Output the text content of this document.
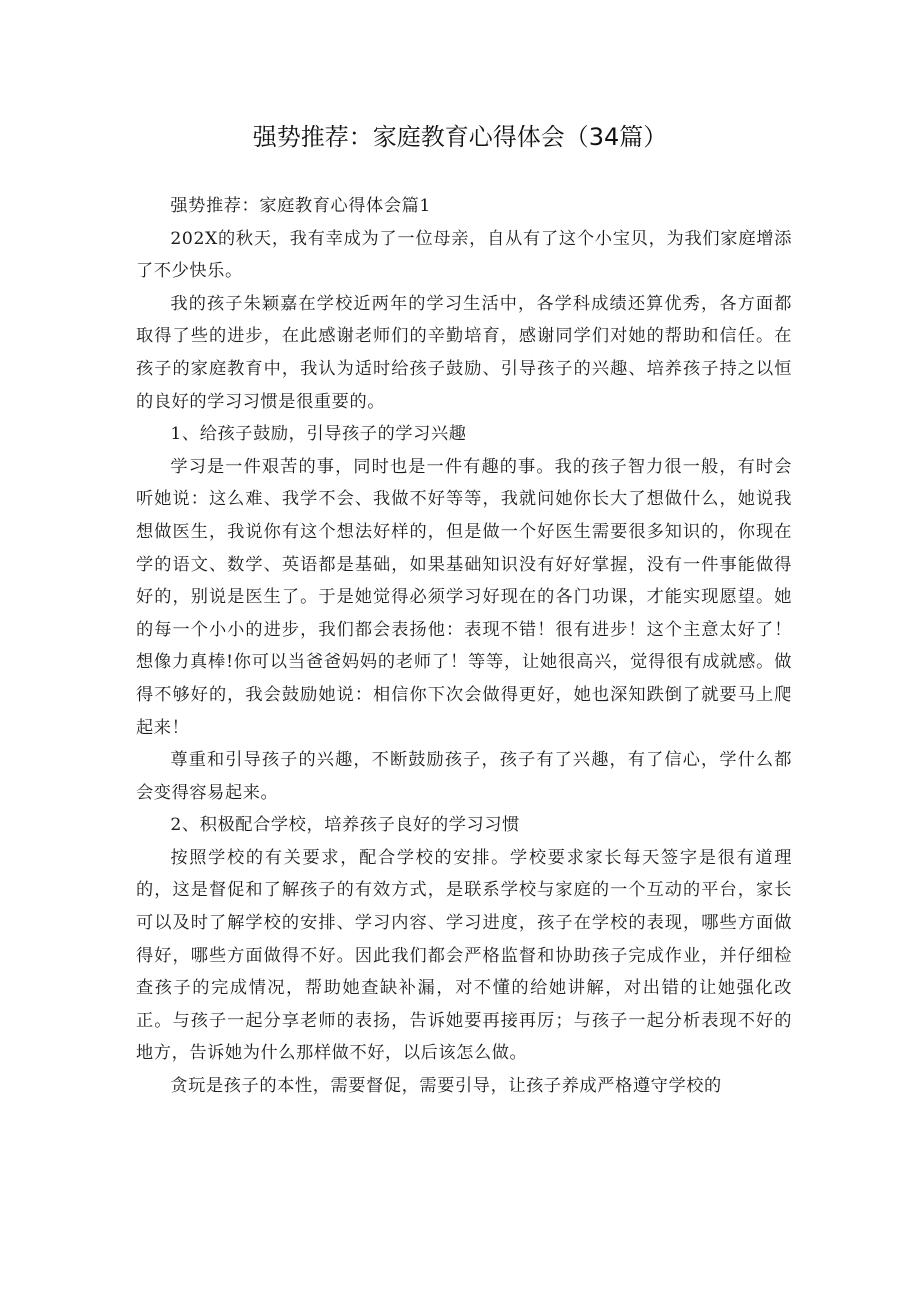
强势推荐：家庭教育心得体会（34篇）

强势推荐：家庭教育心得体会篇1

202X的秋天，我有幸成为了一位母亲，自从有了这个小宝贝，为我们家庭增添了不少快乐。

我的孩子朱颖嘉在学校近两年的学习生活中，各学科成绩还算优秀，各方面都取得了些的进步，在此感谢老师们的辛勤培育，感谢同学们对她的帮助和信任。在孩子的家庭教育中，我认为适时给孩子鼓励、引导孩子的兴趣、培养孩子持之以恒的良好的学习习惯是很重要的。

1、给孩子鼓励，引导孩子的学习兴趣

学习是一件艰苦的事，同时也是一件有趣的事。我的孩子智力很一般，有时会听她说：这么难、我学不会、我做不好等等，我就问她你长大了想做什么，她说我想做医生，我说你有这个想法好样的，但是做一个好医生需要很多知识的，你现在学的语文、数学、英语都是基础，如果基础知识没有好好掌握，没有一件事能做得好的，别说是医生了。于是她觉得必须学习好现在的各门功课，才能实现愿望。她的每一个小小的进步，我们都会表扬他：表现不错！很有进步！这个主意太好了！想像力真棒!你可以当爸爸妈妈的老师了！等等，让她很高兴，觉得很有成就感。做得不够好的，我会鼓励她说：相信你下次会做得更好，她也深知跌倒了就要马上爬起来！

尊重和引导孩子的兴趣，不断鼓励孩子，孩子有了兴趣，有了信心，学什么都会变得容易起来。

2、积极配合学校，培养孩子良好的学习习惯

按照学校的有关要求，配合学校的安排。学校要求家长每天签字是很有道理的，这是督促和了解孩子的有效方式，是联系学校与家庭的一个互动的平台，家长可以及时了解学校的安排、学习内容、学习进度，孩子在学校的表现，哪些方面做得好，哪些方面做得不好。因此我们都会严格监督和协助孩子完成作业，并仔细检查孩子的完成情况，帮助她查缺补漏，对不懂的给她讲解，对出错的让她强化改正。与孩子一起分享老师的表扬，告诉她要再接再厉；与孩子一起分析表现不好的地方，告诉她为什么那样做不好，以后该怎么做。

贪玩是孩子的本性，需要督促，需要引导，让孩子养成严格遵守学校的
